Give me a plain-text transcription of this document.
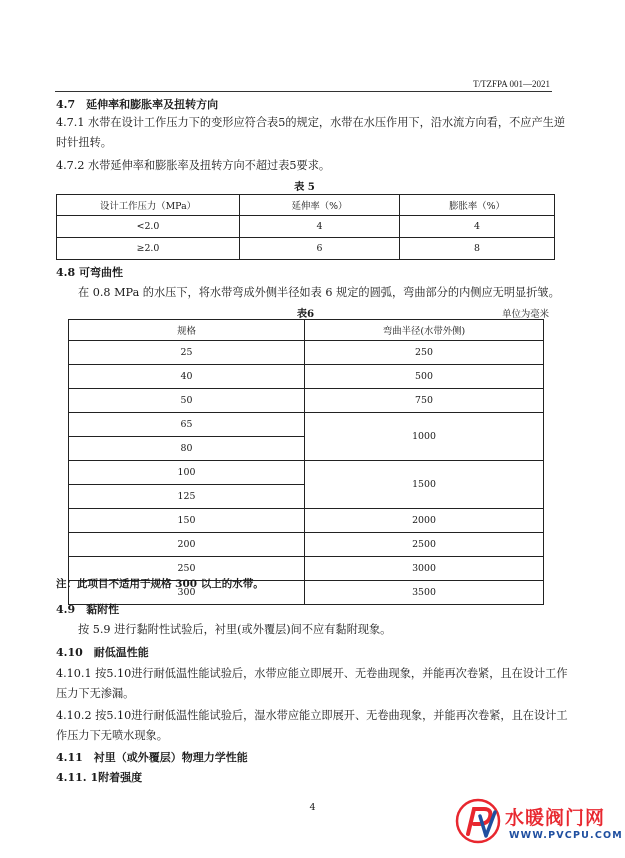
T/TZFPA 001—2021
4.7　延伸率和膨胀率及扭转方向
4.7.1 水带在设计工作压力下的变形应符合表5的规定，水带在水压作用下，沿水流方向看，不应产生逆
时针扭转。
4.7.2 水带延伸率和膨胀率及扭转方向不超过表5要求。
表 5
设计工作压力（MPa）	延伸率（%）	膨胀率（%）
<2.0	4	4
≥2.0	6	8
4.8 可弯曲性
在 0.8 MPa 的水压下，将水带弯成外侧半径如表 6 规定的圆弧，弯曲部分的内侧应无明显折皱。
表6	单位为毫米
规格	弯曲半径(水带外侧)
25	250
40	500
50	750
65	1000
80	
100	1500
125	
150	2000
200	2500
250	3000
300	3500
注：此项目不适用于规格 300 以上的水带。
4.9　黏附性
按 5.9 进行黏附性试验后，衬里(或外覆层)间不应有黏附现象。
4.10　耐低温性能
4.10.1 按5.10进行耐低温性能试验后，水带应能立即展开、无卷曲现象，并能再次卷紧，且在设计工作
压力下无渗漏。
4.10.2 按5.10进行耐低温性能试验后，湿水带应能立即展开、无卷曲现象，并能再次卷紧，且在设计工
作压力下无喷水现象。
4.11　衬里（或外覆层）物理力学性能
4.11. 1附着强度
4	水暖阀门网
WWW.PVCPU.COM
